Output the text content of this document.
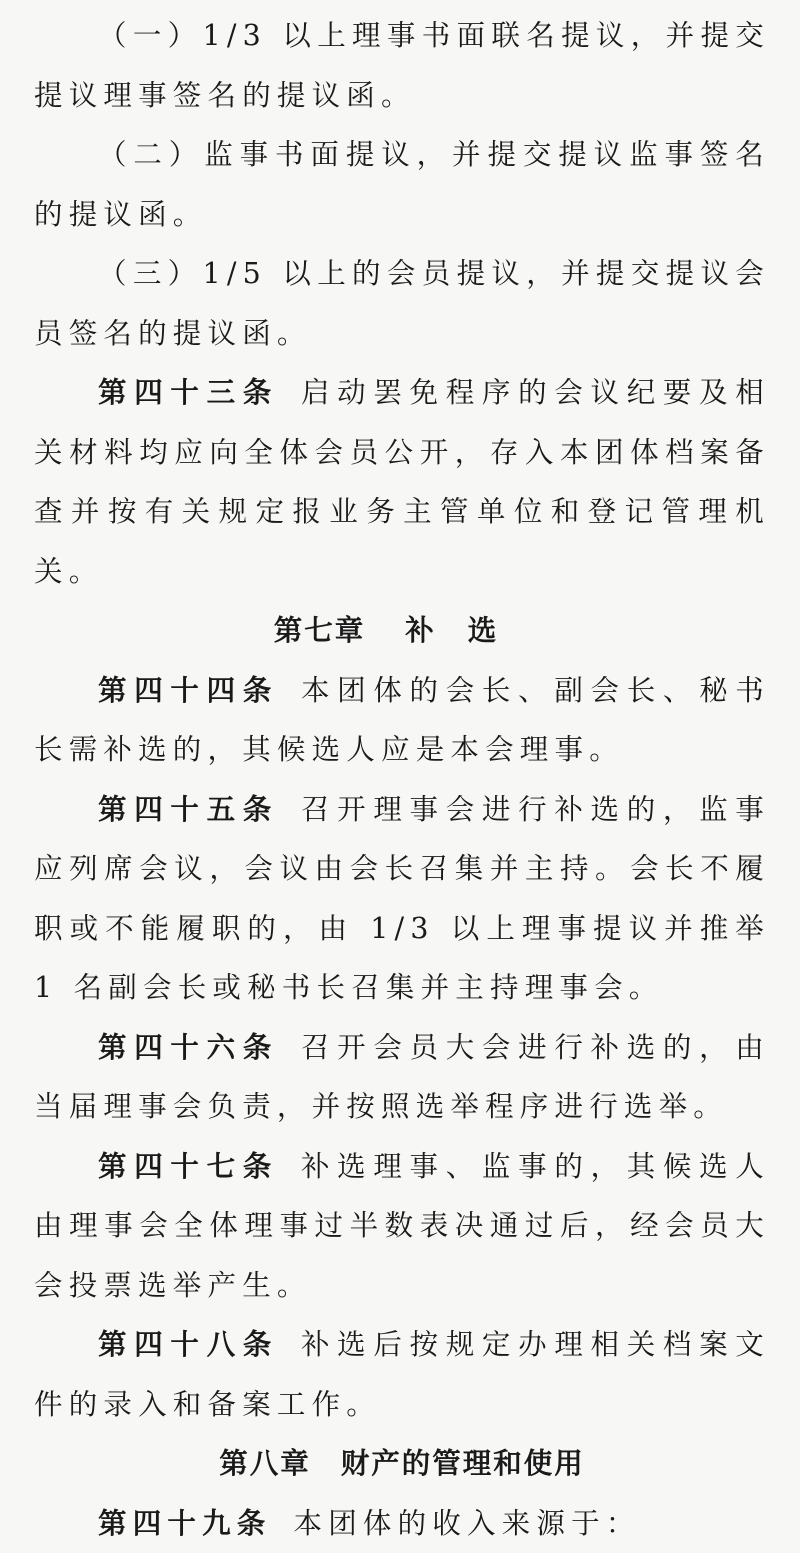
（一）1/3 以上理事书面联名提议，并提交提议理事签名的提议函。

（二）监事书面提议，并提交提议监事签名的提议函。

（三）1/5 以上的会员提议，并提交提议会员签名的提议函。

第四十三条 启动罢免程序的会议纪要及相关材料均应向全体会员公开，存入本团体档案备查并按有关规定报业务主管单位和登记管理机关。

第七章 补选

第四十四条 本团体的会长、副会长、秘书长需补选的，其候选人应是本会理事。

第四十五条 召开理事会进行补选的，监事应列席会议，会议由会长召集并主持。会长不履职或不能履职的，由 1/3 以上理事提议并推举 1 名副会长或秘书长召集并主持理事会。

第四十六条 召开会员大会进行补选的，由当届理事会负责，并按照选举程序进行选举。

第四十七条 补选理事、监事的，其候选人由理事会全体理事过半数表决通过后，经会员大会投票选举产生。

第四十八条 补选后按规定办理相关档案文件的录入和备案工作。

第八章 财产的管理和使用

第四十九条 本团体的收入来源于：
